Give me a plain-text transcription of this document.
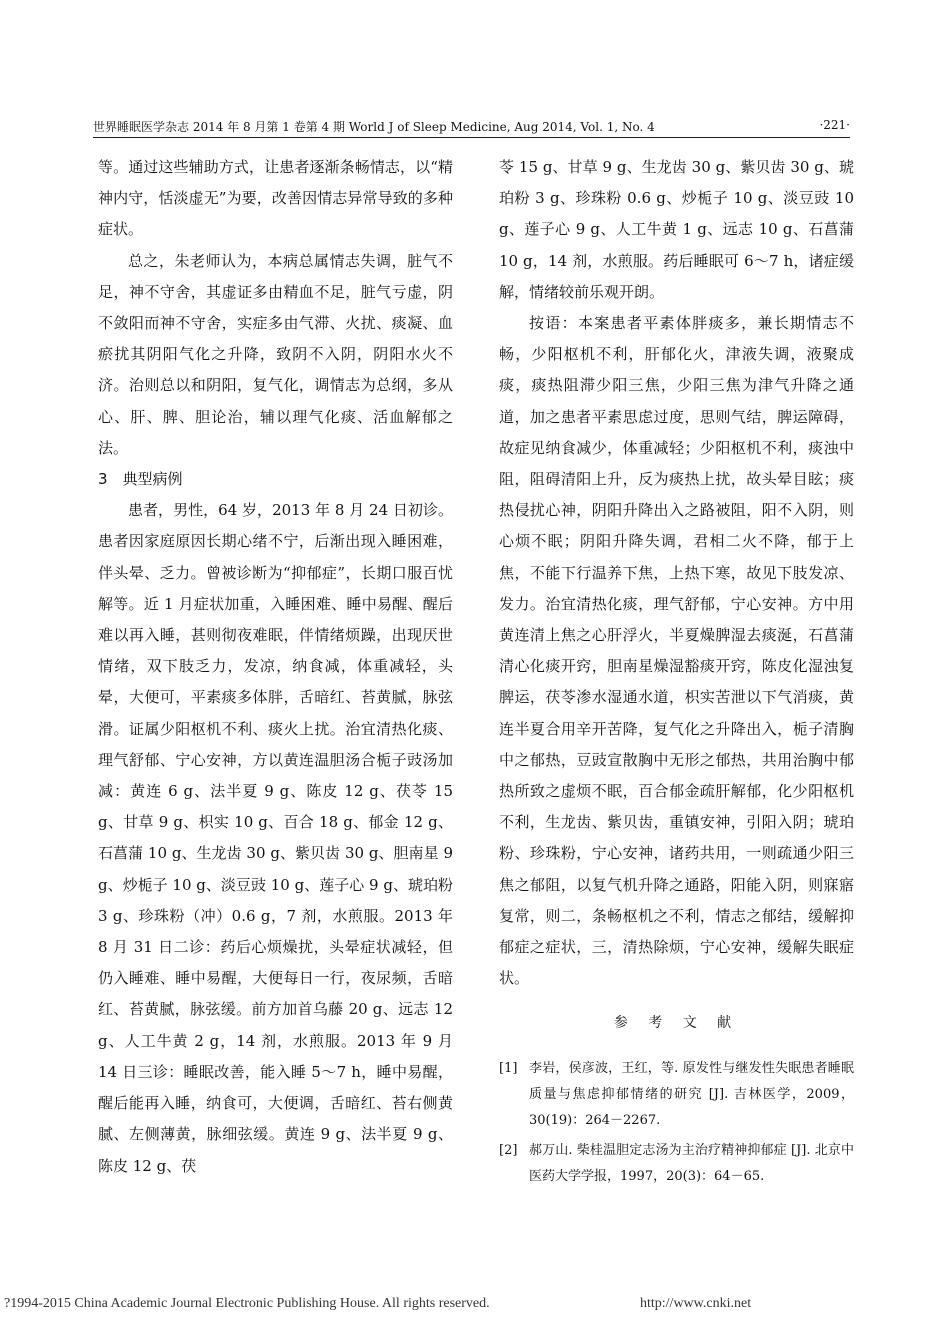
世界睡眠医学杂志 2014 年 8 月第 1 卷第 4 期 World J of Sleep Medicine, Aug 2014, Vol. 1, No. 4	·221·

等。通过这些辅助方式，让患者逐渐条畅情志，以“精神内守，恬淡虚无”为要，改善因情志异常导致的多种症状。

总之，朱老师认为，本病总属情志失调，脏气不足，神不守舍，其虚证多由精血不足，脏气亏虚，阴不敛阳而神不守舍，实症多由气滞、火扰、痰凝、血瘀扰其阴阳气化之升降，致阴不入阴，阴阳水火不济。治则总以和阴阳，复气化，调情志为总纲，多从心、肝、脾、胆论治，辅以理气化痰、活血解郁之法。

3　典型病例

患者，男性，64 岁，2013 年 8 月 24 日初诊。患者因家庭原因长期心绪不宁，后渐出现入睡困难，伴头晕、乏力。曾被诊断为“抑郁症”，长期口服百忧解等。近 1 月症状加重，入睡困难、睡中易醒、醒后难以再入睡，甚则彻夜难眠，伴情绪烦躁，出现厌世情绪，双下肢乏力，发凉，纳食减，体重减轻，头晕，大便可，平素痰多体胖，舌暗红、苔黄腻，脉弦滑。证属少阳枢机不利、痰火上扰。治宜清热化痰、理气舒郁、宁心安神，方以黄连温胆汤合栀子豉汤加减：黄连 6 g、法半夏 9 g、陈皮 12 g、茯苓 15 g、甘草 9 g、枳实 10 g、百合 18 g、郁金 12 g、石菖蒲 10 g、生龙齿 30 g、紫贝齿 30 g、胆南星 9 g、炒栀子 10 g、淡豆豉 10 g、莲子心 9 g、琥珀粉 3 g、珍珠粉（冲）0.6 g，7 剂，水煎服。2013 年 8 月 31 日二诊：药后心烦燥扰，头晕症状减轻，但仍入睡难、睡中易醒，大便每日一行，夜尿频，舌暗红、苔黄腻，脉弦缓。前方加首乌藤 20 g、远志 12 g、人工牛黄 2 g，14 剂，水煎服。2013 年 9 月 14 日三诊：睡眠改善，能入睡 5～7 h，睡中易醒，醒后能再入睡，纳食可，大便调，舌暗红、苔右侧黄腻、左侧薄黄，脉细弦缓。黄连 9 g、法半夏 9 g、陈皮 12 g、茯

苓 15 g、甘草 9 g、生龙齿 30 g、紫贝齿 30 g、琥珀粉 3 g、珍珠粉 0.6 g、炒栀子 10 g、淡豆豉 10 g、莲子心 9 g、人工牛黄 1 g、远志 10 g、石菖蒲 10 g，14 剂，水煎服。药后睡眠可 6～7 h，诸症缓解，情绪较前乐观开朗。

按语：本案患者平素体胖痰多，兼长期情志不畅，少阳枢机不利，肝郁化火，津液失调，液聚成痰，痰热阻滞少阳三焦，少阳三焦为津气升降之通道，加之患者平素思虑过度，思则气结，脾运障碍，故症见纳食减少，体重减轻；少阳枢机不利，痰浊中阻，阻碍清阳上升，反为痰热上扰，故头晕目眩；痰热侵扰心神，阴阳升降出入之路被阻，阳不入阴，则心烦不眠；阴阳升降失调，君相二火不降，郁于上焦，不能下行温养下焦，上热下寒，故见下肢发凉、发力。治宜清热化痰，理气舒郁，宁心安神。方中用黄连清上焦之心肝浮火，半夏燥脾湿去痰涎，石菖蒲清心化痰开窍，胆南星燥湿豁痰开窍，陈皮化湿浊复脾运，茯苓渗水湿通水道，枳实苦泄以下气消痰，黄连半夏合用辛开苦降，复气化之升降出入，栀子清胸中之郁热，豆豉宣散胸中无形之郁热，共用治胸中郁热所致之虚烦不眠，百合郁金疏肝解郁，化少阳枢机不利，生龙齿、紫贝齿，重镇安神，引阳入阴；琥珀粉、珍珠粉，宁心安神，诸药共用，一则疏通少阳三焦之郁阻，以复气机升降之通路，阳能入阴，则寐寤复常，则二，条畅枢机之不利，情志之郁结，缓解抑郁症之症状，三，清热除烦，宁心安神，缓解失眠症状。

参 考 文 献
[1] 李岩，侯彦波，王红，等. 原发性与继发性失眠患者睡眠质量与焦虑抑郁情绪的研究 [J]. 吉林医学，2009，30(19)：264－2267.
[2] 郝万山. 柴桂温胆定志汤为主治疗精神抑郁症 [J]. 北京中医药大学学报，1997，20(3)：64－65.
?1994-2015 China Academic Journal Electronic Publishing House. All rights reserved.	http://www.cnki.net
